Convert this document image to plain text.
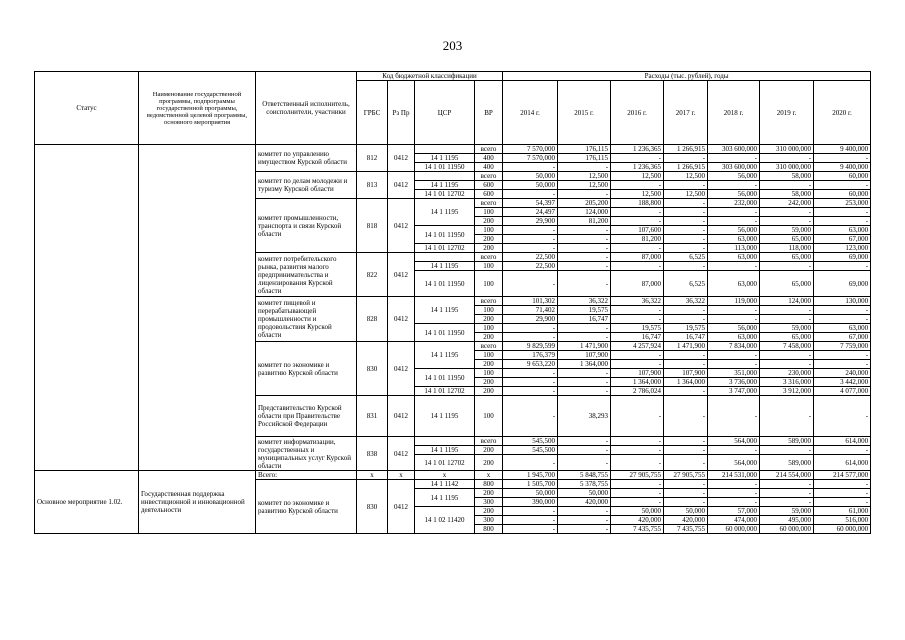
203
Статус	Наименование государственной программы, подпрограммы государственной программы, ведомственной целевой программы, основного мероприятия	Ответственный исполнитель, соисполнители, участники	Код бюджетной классификации				Расходы (тыс. рублей), годы						
			ГРБС	Рз Пр	ЦСР	ВР	2014 г.	2015 г.	2016 г.	2017 г.	2018 г.	2019 г.	2020 г.
		комитет по управлению имуществом Курской области	812	0412		всего	7 570,000	176,115	1 236,365	1 266,915	303 600,000	310 000,000	9 400,000
					14 1 1195	400	7 570,000	176,115	-	-	-	-	-
					14 1 01 11950	400	-	-	1 236,365	1 266,915	303 600,000	310 000,000	9 400,000
		комитет по делам молодежи и туризму Курской области	813	0412		всего	50,000	12,500	12,500	12,500	56,000	58,000	60,000
					14 1 1195	600	50,000	12,500	-	-	-	-	-
					14 1 01 12702	600	-	-	12,500	12,500	56,000	58,000	60,000
		комитет промышленности, транспорта и связи Курской области	818	0412	14 1 1195	всего	54,397	205,200	188,800	-	232,000	242,000	253,000
						100	24,497	124,000	-	-	-	-	-
						200	29,900	81,200	-	-	-	-	-
					14 1 01 11950	100	-	-	107,600	-	56,000	59,000	63,000
						200	-	-	81,200	-	63,000	65,000	67,000
					14 1 01 12702	200	-	-	-	-	113,000	118,000	123,000
		комитет потребительского рынка, развития малого предпринимательства и лицензирования Курской области	822	0412		всего	22,500	-	87,000	6,525	63,000	65,000	69,000
					14 1 1195	100	22,500	-	-	-	-	-	-
					14 1 01 11950	100	-	-	87,000	6,525	63,000	65,000	69,000
		комитет пищевой и перерабатывающей промышленности и продовольствия Курской области	828	0412	14 1 1195	всего	101,302	36,322	36,322	36,322	119,000	124,000	130,000
						100	71,402	19,575	-	-	-	-	-
						200	29,900	16,747	-	-	-	-	-
					14 1 01 11950	100	-	-	19,575	19,575	56,000	59,000	63,000
						200	-	-	16,747	16,747	63,000	65,000	67,000
		комитет по экономике и развитию Курской области	830	0412	14 1 1195	всего	9 829,599	1 471,900	4 257,924	1 471,900	7 834,000	7 458,000	7 759,000
						100	176,379	107,900	-	-	-	-	-
						200	9 653,220	1 364,000	-	-	-	-	-
					14 1 01 11950	100	-	-	107,900	107,900	351,000	230,000	240,000
						200	-	-	1 364,000	1 364,000	3 736,000	3 316,000	3 442,000
					14 1 01 12702	200	-	-	2 786,024	-	3 747,000	3 912,000	4 077,000
		Представительство Курской области при Правительстве Российской Федерации	831	0412	14 1 1195	100	-	38,293	-	-	-	-	-
		комитет информатизации, государственных и муниципальных услуг Курской области	838	0412		всего	545,500	-	-	-	564,000	589,000	614,000
					14 1 1195	200	545,500	-	-	-	-	-	-
					14 1 01 12702	200	-	-	-	-	564,000	589,000	614,000
Основное мероприятие 1.02.	Государственная поддержка инвестиционной и инновационной деятельности	Всего:	x	x	x	x	1 945,700	5 848,755	27 905,755	27 905,755	214 531,000	214 554,000	214 577,000
		комитет по экономике и развитию Курской области	830	0412	14 1 1142	800	1 505,700	5 378,755	-	-	-	-	-
					14 1 1195	200	50,000	50,000	-	-	-	-	-
						300	390,000	420,000	-	-	-	-	-
					14 1 02 11420	200	-	-	50,000	50,000	57,000	59,000	61,000
						300	-	-	420,000	420,000	474,000	495,000	516,000
						800	-	-	7 435,755	7 435,755	60 000,000	60 000,000	60 000,000
